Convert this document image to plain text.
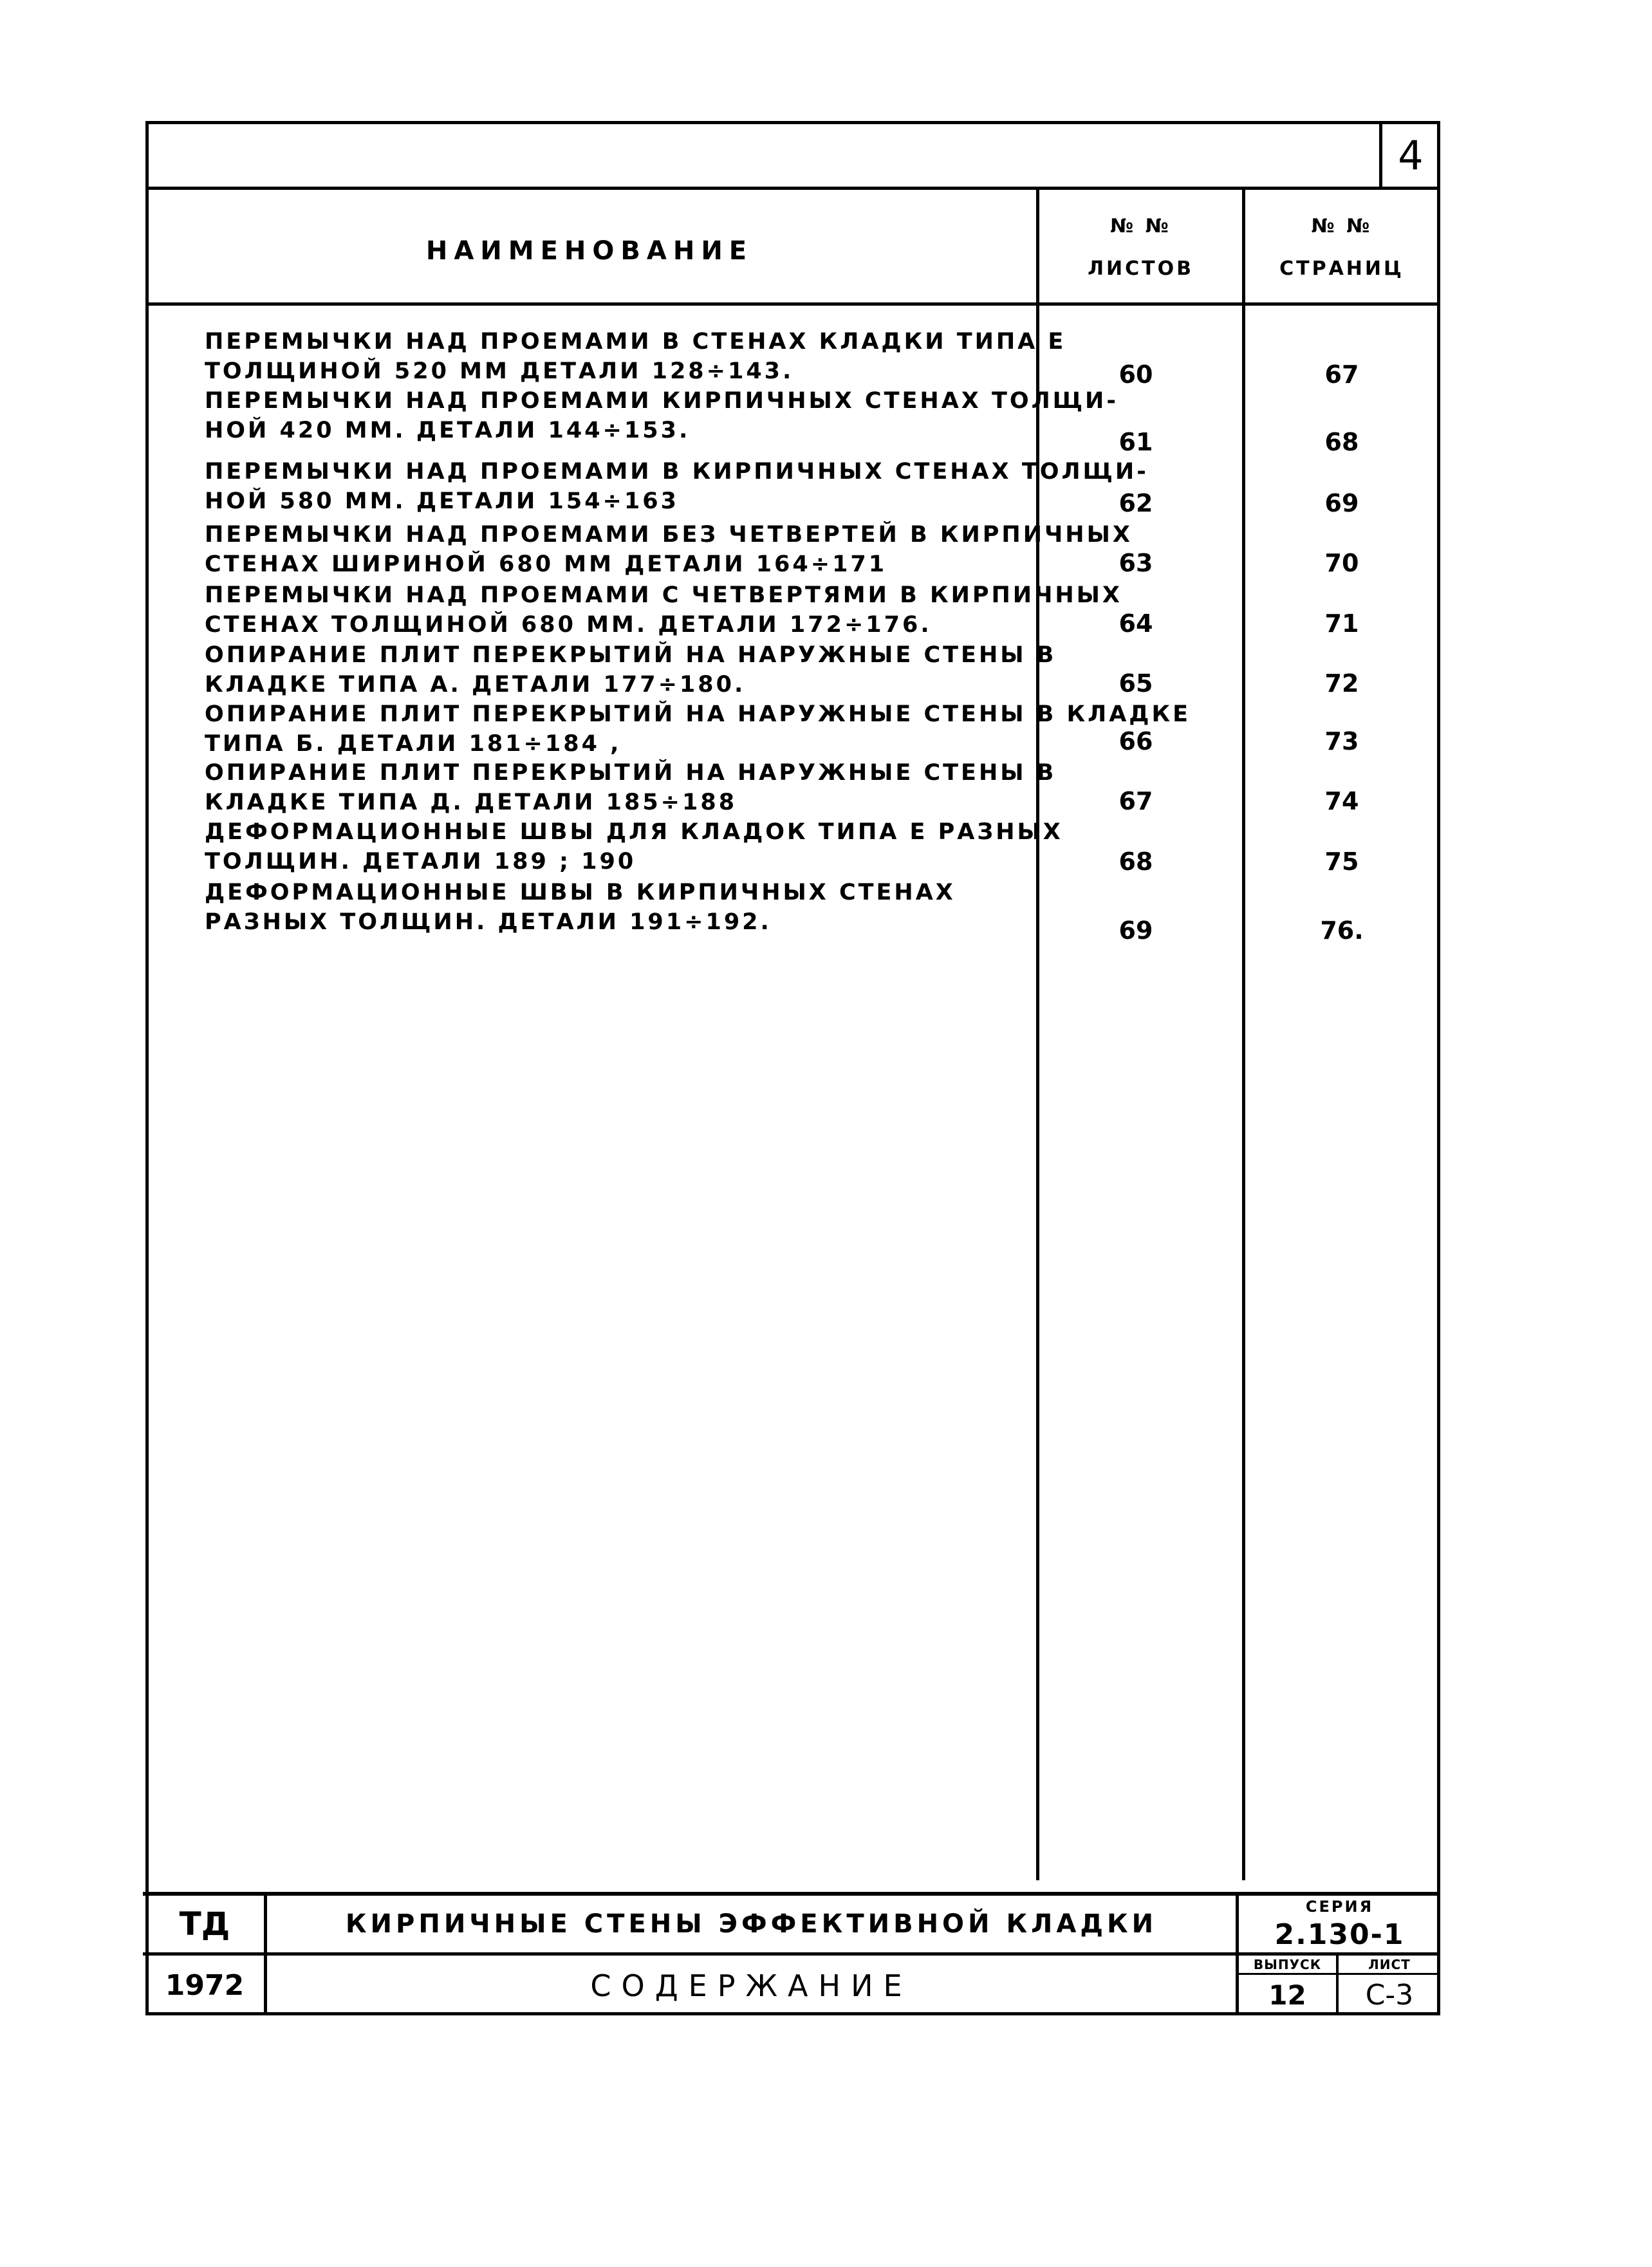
4
НАИМЕНОВАНИЕ
№ №
ЛИСТОВ
№ №
СТРАНИЦ
ПЕРЕМЫЧКИ НАД ПРОЕМАМИ В СТЕНАХ КЛАДКИ ТИПА Е
ТОЛЩИНОЙ 520 ММ ДЕТАЛИ 128÷143.	60	67
ПЕРЕМЫЧКИ НАД ПРОЕМАМИ КИРПИЧНЫХ СТЕНАХ ТОЛЩИ-
НОЙ 420 ММ. ДЕТАЛИ 144÷153.	61	68
ПЕРЕМЫЧКИ НАД ПРОЕМАМИ В КИРПИЧНЫХ СТЕНАХ ТОЛЩИ-
НОЙ 580 ММ. ДЕТАЛИ 154÷163	62	69
ПЕРЕМЫЧКИ НАД ПРОЕМАМИ БЕЗ ЧЕТВЕРТЕЙ В КИРПИЧНЫХ
СТЕНАХ ШИРИНОЙ 680 ММ ДЕТАЛИ 164÷171	63	70
ПЕРЕМЫЧКИ НАД ПРОЕМАМИ С ЧЕТВЕРТЯМИ В КИРПИЧНЫХ
СТЕНАХ ТОЛЩИНОЙ 680 ММ. ДЕТАЛИ 172÷176.	64	71
ОПИРАНИЕ ПЛИТ ПЕРЕКРЫТИЙ НА НАРУЖНЫЕ СТЕНЫ В
КЛАДКЕ ТИПА А. ДЕТАЛИ 177÷180.	65	72
ОПИРАНИЕ ПЛИТ ПЕРЕКРЫТИЙ НА НАРУЖНЫЕ СТЕНЫ В КЛАДКЕ
ТИПА Б. ДЕТАЛИ 181÷184 ,	66	73
ОПИРАНИЕ ПЛИТ ПЕРЕКРЫТИЙ НА НАРУЖНЫЕ СТЕНЫ В
КЛАДКЕ ТИПА Д. ДЕТАЛИ 185÷188	67	74
ДЕФОРМАЦИОННЫЕ ШВЫ ДЛЯ КЛАДОК ТИПА Е РАЗНЫХ
ТОЛЩИН. ДЕТАЛИ 189 ; 190	68	75
ДЕФОРМАЦИОННЫЕ ШВЫ В КИРПИЧНЫХ СТЕНАХ
РАЗНЫХ ТОЛЩИН. ДЕТАЛИ 191÷192.	69	76.
ТД
1972
КИРПИЧНЫЕ СТЕНЫ ЭФФЕКТИВНОЙ КЛАДКИ
СОДЕРЖАНИЕ
СЕРИЯ
2.130-1
ВЫПУСК
12
ЛИСТ
С-3
